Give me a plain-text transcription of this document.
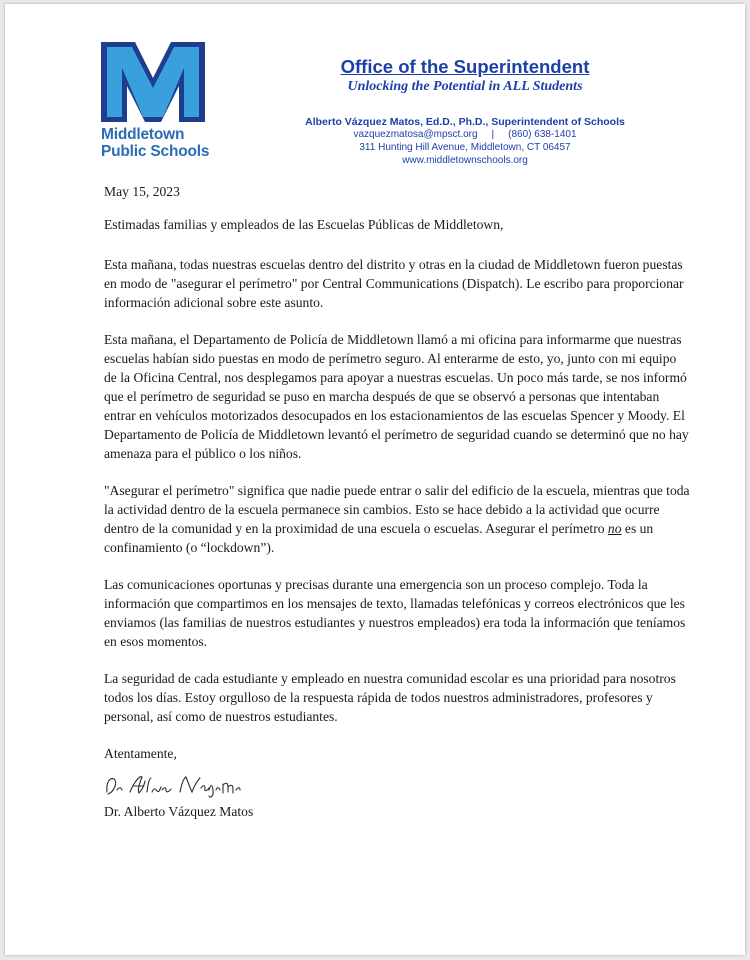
Middletown
Public Schools
Office of the Superintendent
Unlocking the Potential in ALL Students
Alberto Vázquez Matos, Ed.D., Ph.D., Superintendent of Schools
vazquezmatosa@mpsct.org | (860) 638-1401
311 Hunting Hill Avenue, Middletown, CT 06457
www.middletownschools.org

May 15, 2023

Estimadas familias y empleados de las Escuelas Públicas de Middletown,

Esta mañana, todas nuestras escuelas dentro del distrito y otras en la ciudad de Middletown fueron puestas en modo de "asegurar el perímetro" por Central Communications (Dispatch). Le escribo para proporcionar información adicional sobre este asunto.

Esta mañana, el Departamento de Policía de Middletown llamó a mi oficina para informarme que nuestras escuelas habían sido puestas en modo de perímetro seguro. Al enterarme de esto, yo, junto con mi equipo de la Oficina Central, nos desplegamos para apoyar a nuestras escuelas. Un poco más tarde, se nos informó que el perímetro de seguridad se puso en marcha después de que se observó a personas que intentaban entrar en vehículos motorizados desocupados en los estacionamientos de las escuelas Spencer y Moody. El Departamento de Policía de Middletown levantó el perímetro de seguridad cuando se determinó que no hay amenaza para el público o los niños.

"Asegurar el perímetro" significa que nadie puede entrar o salir del edificio de la escuela, mientras que toda la actividad dentro de la escuela permanece sin cambios. Esto se hace debido a la actividad que ocurre dentro de la comunidad y en la proximidad de una escuela o escuelas. Asegurar el perímetro no es un confinamiento (o “lockdown”).

Las comunicaciones oportunas y precisas durante una emergencia son un proceso complejo. Toda la información que compartimos en los mensajes de texto, llamadas telefónicas y correos electrónicos que les enviamos (las familias de nuestros estudiantes y nuestros empleados) era toda la información que teníamos en esos momentos.

La seguridad de cada estudiante y empleado en nuestra comunidad escolar es una prioridad para nosotros todos los días. Estoy orgulloso de la respuesta rápida de todos nuestros administradores, profesores y personal, así como de nuestros estudiantes.

Atentamente,

Dr. Alberto Vázquez Matos
